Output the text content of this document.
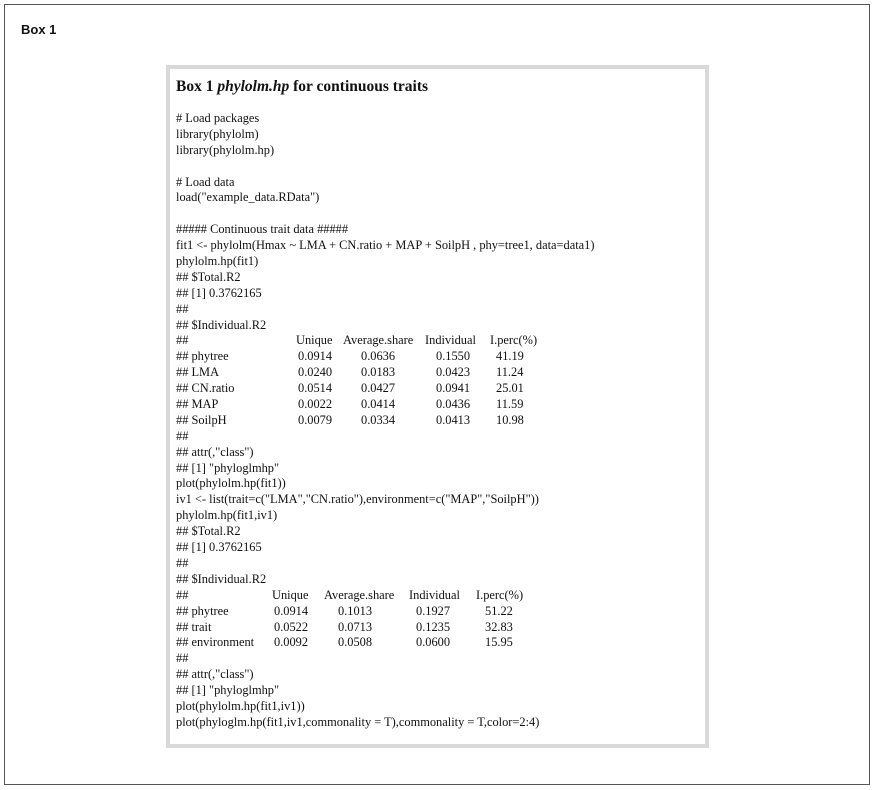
Box 1
Box 1 phylolm.hp for continuous traits
# Load packages
library(phylolm)
library(phylolm.hp)
# Load data
load("example_data.RData")
##### Continuous trait data #####
fit1 <- phylolm(Hmax ~ LMA + CN.ratio + MAP + SoilpH , phy=tree1, data=data1)
phylolm.hp(fit1)
## $Total.R2
## [1] 0.3762165
##
## $Individual.R2
##	Unique Average.share Individual I.perc(%)
## phytree	0.0914 0.0636	0.1550 41.19
## LMA	0.0240 0.0183	0.0423 11.24
## CN.ratio	0.0514 0.0427	0.0941 25.01
## MAP	0.0022 0.0414	0.0436 11.59
## SoilpH	0.0079 0.0334	0.0413 10.98
##
## attr(,"class")
## [1] "phyloglmhp"
plot(phylolm.hp(fit1))
iv1 <- list(trait=c("LMA","CN.ratio"),environment=c("MAP","SoilpH"))
phylolm.hp(fit1,iv1)
## $Total.R2
## [1] 0.3762165
##
## $Individual.R2
##	Unique Average.share Individual I.perc(%)
## phytree	0.0914 0.1013	0.1927	51.22
## trait	0.0522 0.0713	0.1235	32.83
## environment 0.0092 0.0508	0.0600	15.95
##
## attr(,"class")
## [1] "phyloglmhp"
plot(phylolm.hp(fit1,iv1))
plot(phyloglm.hp(fit1,iv1,commonality = T),commonality = T,color=2:4)
